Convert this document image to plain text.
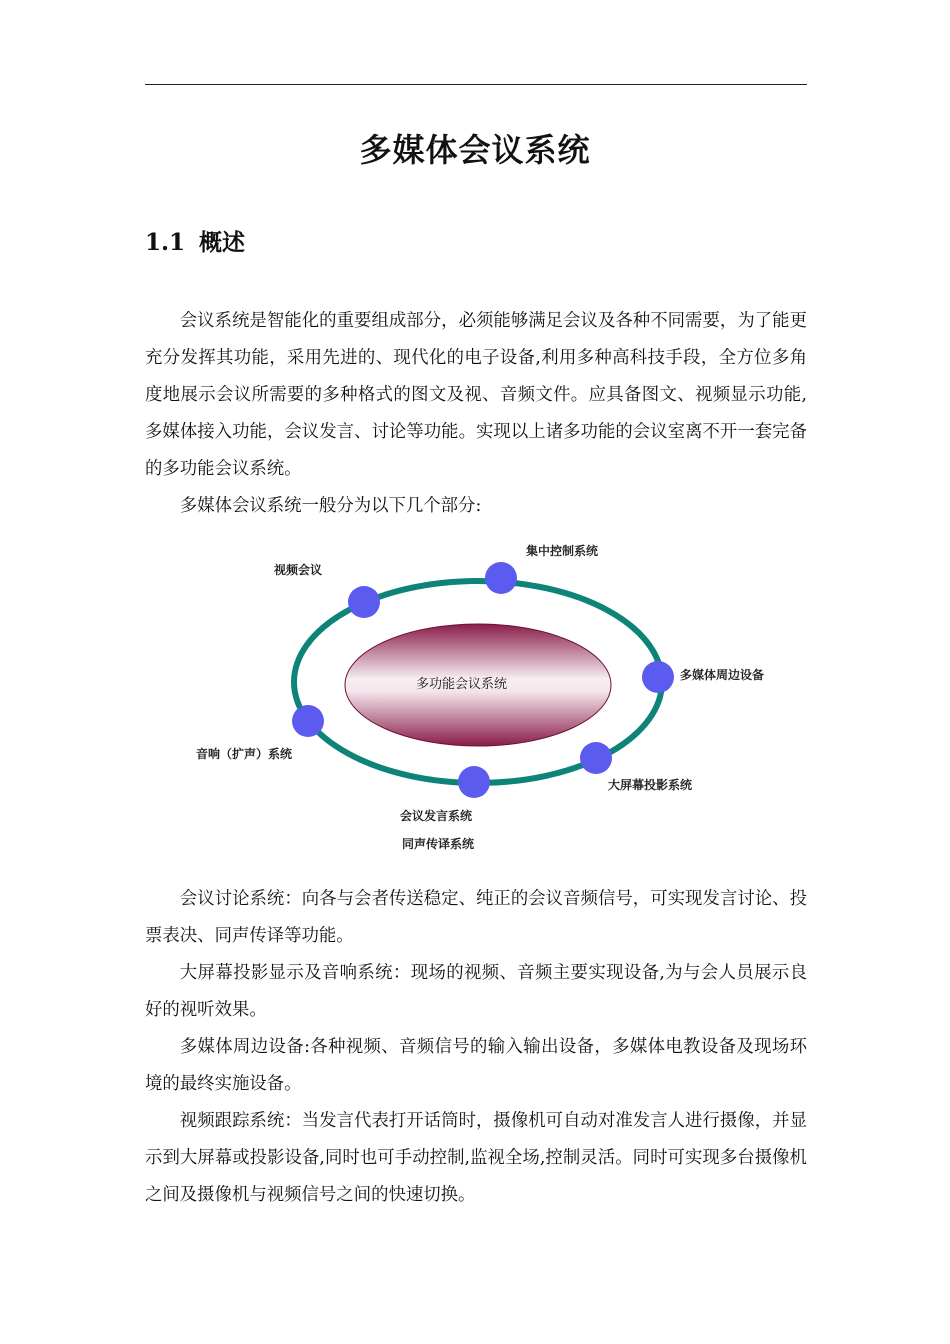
多媒体会议系统
1.1 概述

会议系统是智能化的重要组成部分，必须能够满足会议及各种不同需要，为了能更充分发挥其功能，采用先进的、现代化的电子设备,利用多种高科技手段，全方位多角度地展示会议所需要的多种格式的图文及视、音频文件。应具备图文、视频显示功能,多媒体接入功能，会议发言、讨论等功能。实现以上诸多功能的会议室离不开一套完备的多功能会议系统。

多媒体会议系统一般分为以下几个部分:

多功能会议系统
集中控制系统
视频会议
多媒体周边设备
音响（扩声）系统
大屏幕投影系统
会议发言系统
同声传译系统

会议讨论系统：向各与会者传送稳定、纯正的会议音频信号，可实现发言讨论、投票表决、同声传译等功能。

大屏幕投影显示及音响系统：现场的视频、音频主要实现设备,为与会人员展示良好的视听效果。

多媒体周边设备:各种视频、音频信号的输入输出设备，多媒体电教设备及现场环境的最终实施设备。

视频跟踪系统：当发言代表打开话筒时，摄像机可自动对准发言人进行摄像，并显示到大屏幕或投影设备,同时也可手动控制,监视全场,控制灵活。同时可实现多台摄像机之间及摄像机与视频信号之间的快速切换。
